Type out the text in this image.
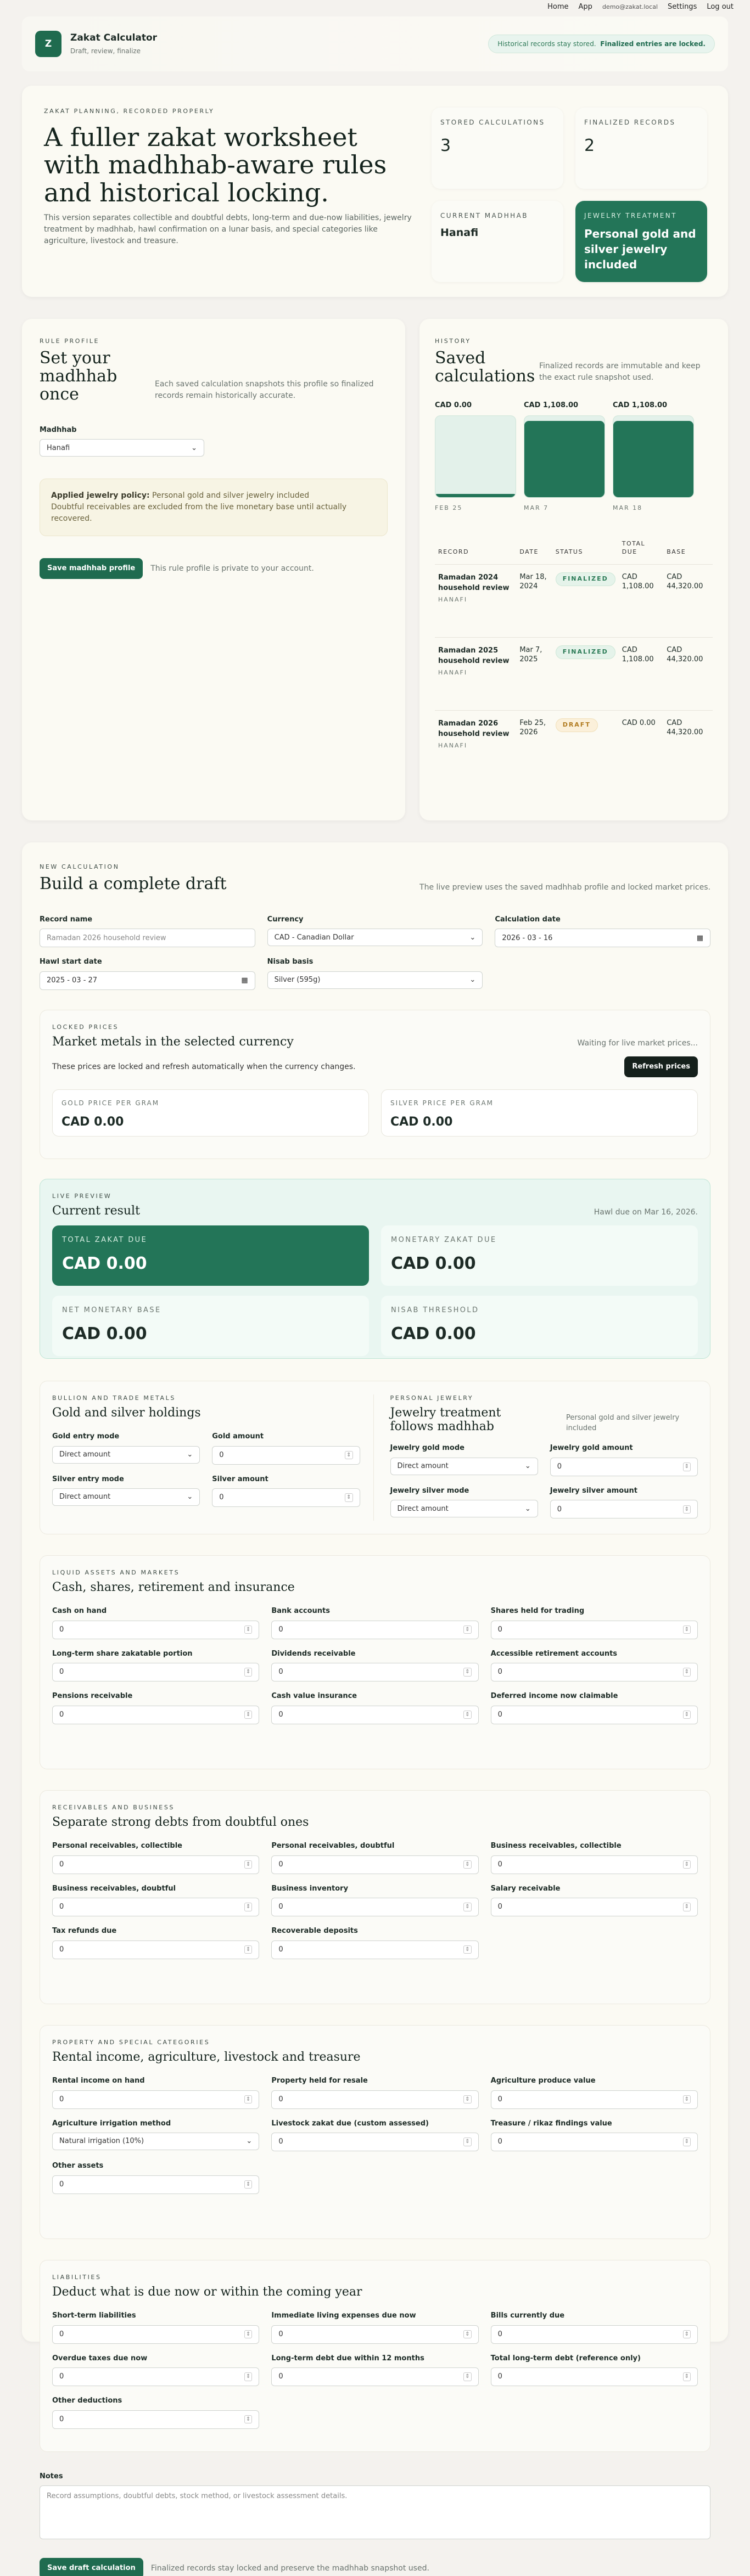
Home App demo@zakat.local Settings Log out
Z
Zakat Calculator
Draft, review, finalize
Historical records stay stored. Finalized entries are locked.
ZAKAT PLANNING, RECORDED PROPERLY
A fuller zakat worksheet with madhhab-aware rules and historical locking.

This version separates collectible and doubtful debts, long-term and due-now liabilities, jewelry treatment by madhhab, hawl confirmation on a lunar basis, and special categories like agriculture, livestock and treasure.

STORED CALCULATIONS
3
FINALIZED RECORDS
2
CURRENT MADHHAB
Hanafi
JEWELRY TREATMENT
Personal gold and silver jewelry included
RULE PROFILE
Set your madhhab once
Each saved calculation snapshots this profile so finalized records remain historically accurate.
Madhhab
Hanafi	⌄
Applied jewelry policy: Personal gold and silver jewelry included
Doubtful receivables are excluded from the live monetary base until actually recovered.
Save madhhab profile	This rule profile is private to your account.
HISTORY
Saved calculations
Finalized records are immutable and keep the exact rule snapshot used.
CAD 0.00
FEB 25
CAD 1,108.00
MAR 7
CAD 1,108.00
MAR 18
RECORD	DATE	STATUS	TOTAL DUE	BASE

Ramadan 2024 household review
HANAFI	Mar 18, 2024	FINALIZED	CAD 1,108.00	CAD 44,320.00

Ramadan 2025 household review
HANAFI	Mar 7, 2025	FINALIZED	CAD 1,108.00	CAD 44,320.00

Ramadan 2026 household review
HANAFI	Feb 25, 2026	DRAFT	CAD 0.00	CAD 44,320.00
NEW CALCULATION
Build a complete draft	The live preview uses the saved madhhab profile and locked market prices.
Record name
Ramadan 2026 household review
Currency
CAD - Canadian Dollar	⌄
Calculation date
2026 - 03 - 16	▦
Hawl start date
2025 - 03 - 27	▦
Nisab basis
Silver (595g)	⌄
LOCKED PRICES
Market metals in the selected currency	Waiting for live market prices...
These prices are locked and refresh automatically when the currency changes.	Refresh prices
GOLD PRICE PER GRAM
CAD 0.00
SILVER PRICE PER GRAM
CAD 0.00
LIVE PREVIEW
Current result	Hawl due on Mar 16, 2026.
TOTAL ZAKAT DUE
CAD 0.00
MONETARY ZAKAT DUE
CAD 0.00
NET MONETARY BASE
CAD 0.00
NISAB THRESHOLD
CAD 0.00
BULLION AND TRADE METALS
Gold and silver holdings
Gold entry mode
Direct amount	⌄
Gold amount
0	⇕
Silver entry mode
Direct amount	⌄
Silver amount
0	⇕
PERSONAL JEWELRY
Jewelry treatment follows madhhab
Personal gold and silver jewelry included
Jewelry gold mode
Direct amount	⌄
Jewelry gold amount
0	⇕
Jewelry silver mode
Direct amount	⌄
Jewelry silver amount
0	⇕
LIQUID ASSETS AND MARKETS
Cash, shares, retirement and insurance
Cash on hand
0	⇕
Bank accounts
0	⇕
Shares held for trading
0	⇕
Long-term share zakatable portion
0	⇕
Dividends receivable
0	⇕
Accessible retirement accounts
0	⇕
Pensions receivable
0	⇕
Cash value insurance
0	⇕
Deferred income now claimable
0	⇕
RECEIVABLES AND BUSINESS
Separate strong debts from doubtful ones
Personal receivables, collectible
0	⇕
Personal receivables, doubtful
0	⇕
Business receivables, collectible
0	⇕
Business receivables, doubtful
0	⇕
Business inventory
0	⇕
Salary receivable
0	⇕
Tax refunds due
0	⇕
Recoverable deposits
0	⇕
PROPERTY AND SPECIAL CATEGORIES
Rental income, agriculture, livestock and treasure
Rental income on hand
0	⇕
Property held for resale
0	⇕
Agriculture produce value
0	⇕
Agriculture irrigation method
Natural irrigation (10%)	⌄
Livestock zakat due (custom assessed)
0	⇕
Treasure / rikaz findings value
0	⇕
Other assets
0	⇕
LIABILITIES
Deduct what is due now or within the coming year
Short-term liabilities
0	⇕
Immediate living expenses due now
0	⇕
Bills currently due
0	⇕
Overdue taxes due now
0	⇕
Long-term debt due within 12 months
0	⇕
Total long-term debt (reference only)
0	⇕
Other deductions
0	⇕
Notes
Record assumptions, doubtful debts, stock method, or livestock assessment details.
Save draft calculation	Finalized records stay locked and preserve the madhhab snapshot used.
